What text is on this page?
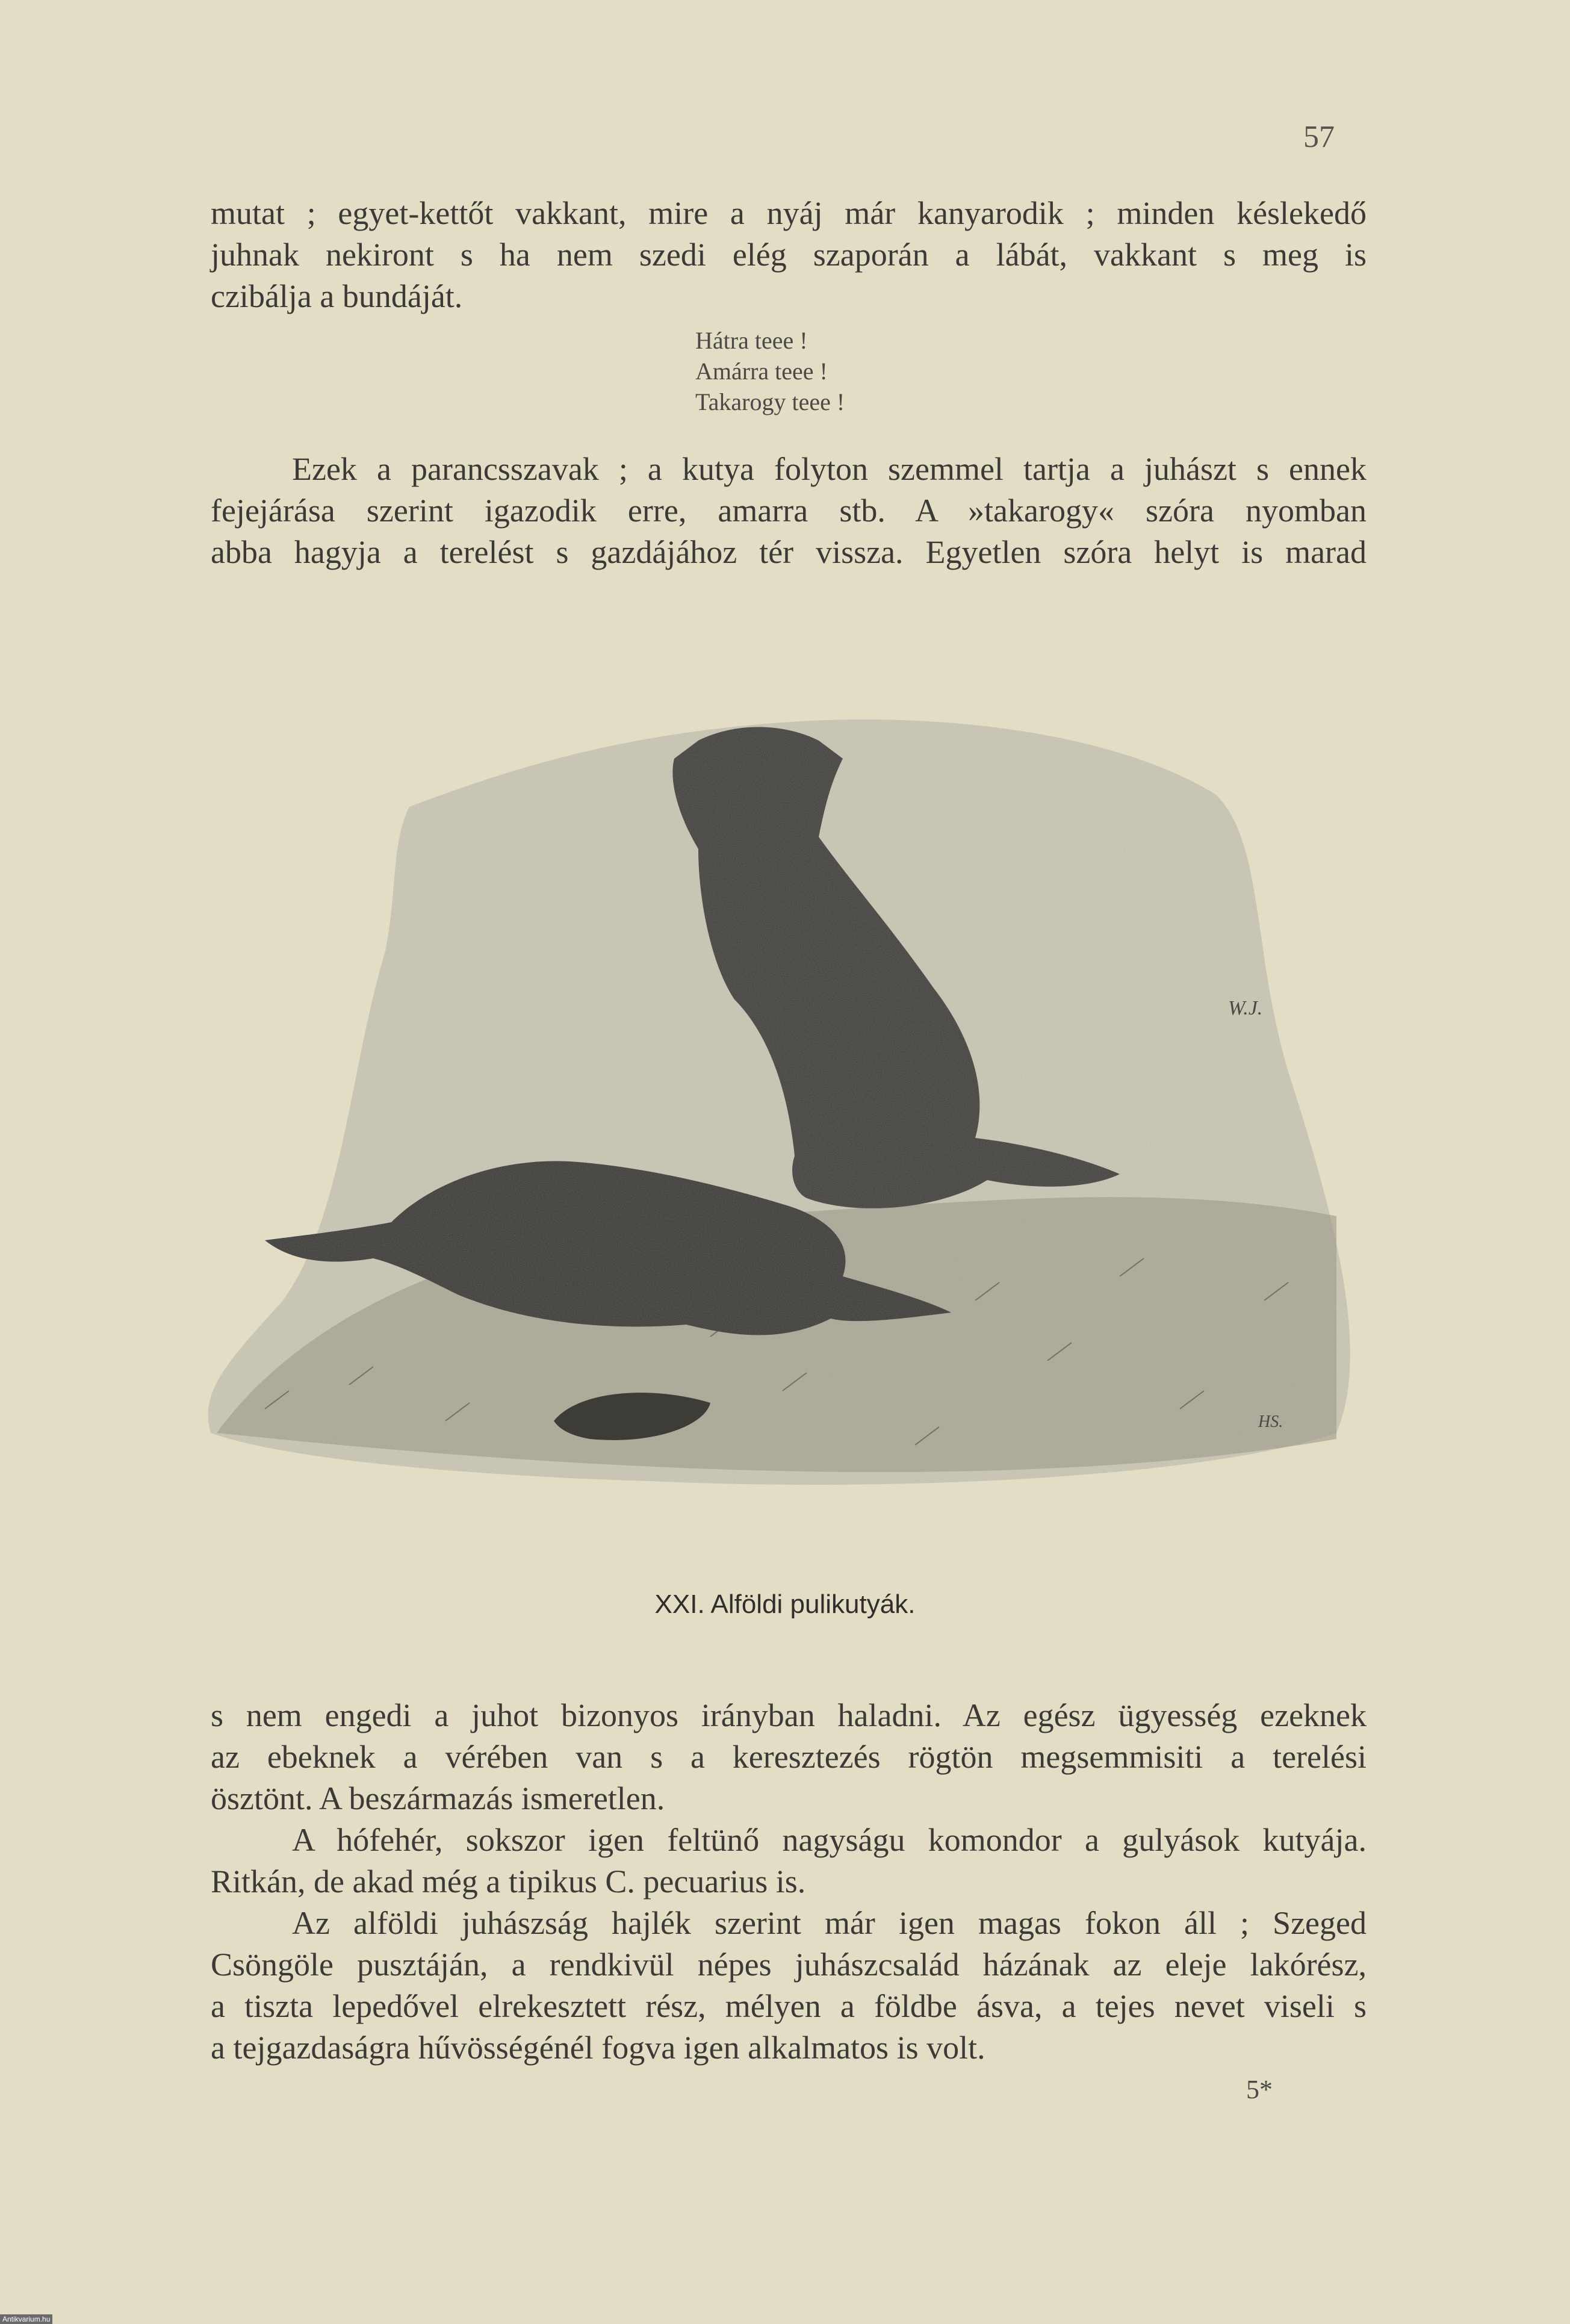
57
mutat ; egyet-kettőt vakkant, mire a nyáj már kanyarodik ; minden késlekedő
juhnak nekiront s ha nem szedi elég szaporán a lábát, vakkant s meg is
czibálja a bundáját.
Hátra teee !
Amárra teee !
Takarogy teee !
Ezek a parancsszavak ; a kutya folyton szemmel tartja a juhászt s ennek
fejejárása szerint igazodik erre, amarra stb. A »takarogy« szóra nyomban
abba hagyja a terelést s gazdájához tér vissza. Egyetlen szóra helyt is marad
W.J.
HS.
XXI. Alföldi pulikutyák.
s nem engedi a juhot bizonyos irányban haladni. Az egész ügyesség ezeknek
az ebeknek a vérében van s a keresztezés rögtön megsemmisiti a terelési
ösztönt. A beszármazás ismeretlen.
A hófehér, sokszor igen feltünő nagyságu komondor a gulyások kutyája.
Ritkán, de akad még a tipikus C. pecuarius is.
Az alföldi juhászság hajlék szerint már igen magas fokon áll ; Szeged
Csöngöle pusztáján, a rendkivül népes juhászcsalád házának az eleje lakórész,
a tiszta lepedővel elrekesztett rész, mélyen a földbe ásva, a tejes nevet viseli s
a tejgazdaságra hűvösségénél fogva igen alkalmatos is volt.
5*
Antikvarium.hu
